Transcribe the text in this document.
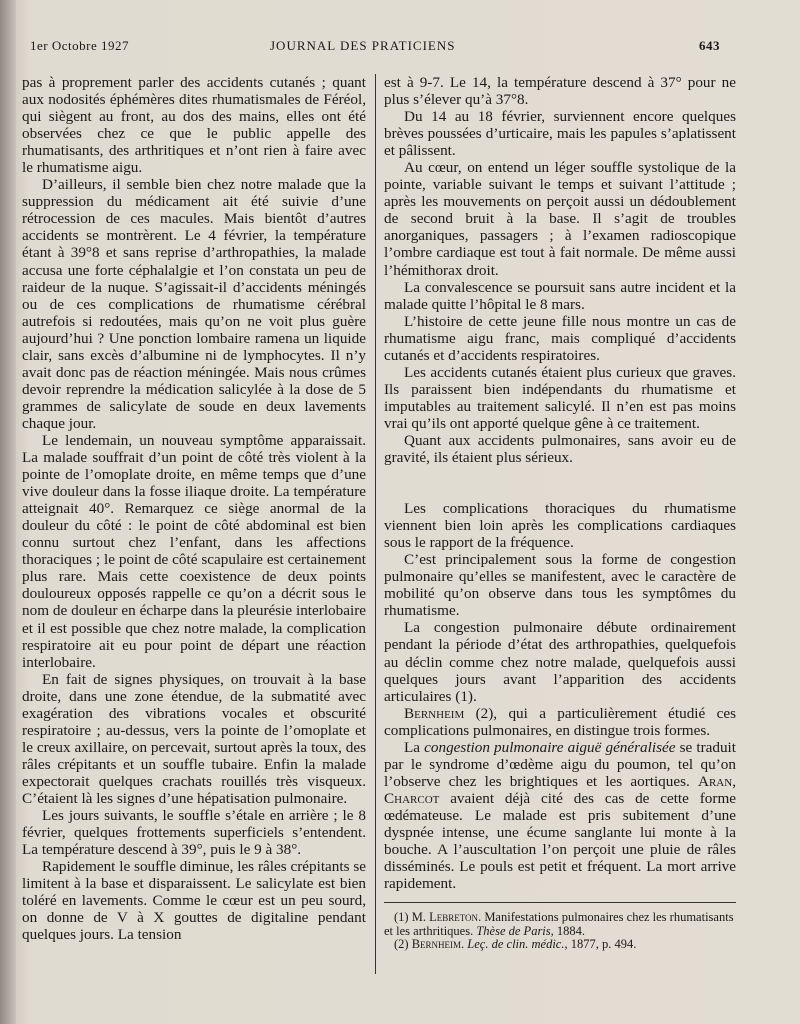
1er Octobre 1927	JOURNAL DES PRATICIENS	643

pas à proprement parler des accidents cutanés ; quant aux nodosités éphémères dites rhumatismales de Féréol, qui siègent au front, au dos des mains, elles ont été observées chez ce que le public appelle des rhumatisants, des arthritiques et n’ont rien à faire avec le rhumatisme aigu.

D’ailleurs, il semble bien chez notre malade que la suppression du médicament ait été suivie d’une rétrocession de ces macules. Mais bientôt d’autres accidents se montrèrent. Le 4 février, la température étant à 39°8 et sans reprise d’arthropathies, la malade accusa une forte céphalalgie et l’on constata un peu de raideur de la nuque. S’agissait-il d’accidents méningés ou de ces complications de rhumatisme cérébral autrefois si redoutées, mais qu’on ne voit plus guère aujourd’hui ? Une ponction lombaire ramena un liquide clair, sans excès d’albumine ni de lymphocytes. Il n’y avait donc pas de réaction méningée. Mais nous crûmes devoir reprendre la médication salicylée à la dose de 5 grammes de salicylate de soude en deux lavements chaque jour.

Le lendemain, un nouveau symptôme apparaissait. La malade souffrait d’un point de côté très violent à la pointe de l’omoplate droite, en même temps que d’une vive douleur dans la fosse iliaque droite. La température atteignait 40°. Remarquez ce siège anormal de la douleur du côté : le point de côté abdominal est bien connu surtout chez l’enfant, dans les affections thoraciques ; le point de côté scapulaire est certainement plus rare. Mais cette coexistence de deux points douloureux opposés rappelle ce qu’on a décrit sous le nom de douleur en écharpe dans la pleurésie interlobaire et il est possible que chez notre malade, la complication respiratoire ait eu pour point de départ une réaction interlobaire.

En fait de signes physiques, on trouvait à la base droite, dans une zone étendue, de la submatité avec exagération des vibrations vocales et obscurité respiratoire ; au-dessus, vers la pointe de l’omoplate et le creux axillaire, on percevait, surtout après la toux, des râles crépitants et un souffle tubaire. Enfin la malade expectorait quelques crachats rouillés très visqueux. C’étaient là les signes d’une hépatisation pulmonaire.

Les jours suivants, le souffle s’étale en arrière ; le 8 février, quelques frottements superficiels s’entendent. La température descend à 39°, puis le 9 à 38°.

Rapidement le souffle diminue, les râles crépitants se limitent à la base et disparaissent. Le salicylate est bien toléré en lavements. Comme le cœur est un peu sourd, on donne de V à X gouttes de digitaline pendant quelques jours. La tension

est à 9-7. Le 14, la température descend à 37° pour ne plus s’élever qu’à 37°8.

Du 14 au 18 février, surviennent encore quelques brèves poussées d’urticaire, mais les papules s’aplatissent et pâlissent.

Au cœur, on entend un léger souffle systolique de la pointe, variable suivant le temps et suivant l’attitude ; après les mouvements on perçoit aussi un dédoublement de second bruit à la base. Il s’agit de troubles anorganiques, passagers ; à l’examen radioscopique l’ombre cardiaque est tout à fait normale. De même aussi l’hémithorax droit.

La convalescence se poursuit sans autre incident et la malade quitte l’hôpital le 8 mars.

L’histoire de cette jeune fille nous montre un cas de rhumatisme aigu franc, mais compliqué d’accidents cutanés et d’accidents respiratoires.

Les accidents cutanés étaient plus curieux que graves. Ils paraissent bien indépendants du rhumatisme et imputables au traitement salicylé. Il n’en est pas moins vrai qu’ils ont apporté quelque gêne à ce traitement.

Quant aux accidents pulmonaires, sans avoir eu de gravité, ils étaient plus sérieux.

Les complications thoraciques du rhumatisme viennent bien loin après les complications cardiaques sous le rapport de la fréquence.

C’est principalement sous la forme de congestion pulmonaire qu’elles se manifestent, avec le caractère de mobilité qu’on observe dans tous les symptômes du rhumatisme.

La congestion pulmonaire débute ordinairement pendant la période d’état des arthropathies, quelquefois au déclin comme chez notre malade, quelquefois aussi quelques jours avant l’apparition des accidents articulaires (1).

Bernheim (2), qui a particulièrement étudié ces complications pulmonaires, en distingue trois formes.

La congestion pulmonaire aiguë généralisée se traduit par le syndrome d’œdème aigu du poumon, tel qu’on l’observe chez les brightiques et les aortiques. Aran, Charcot avaient déjà cité des cas de cette forme œdémateuse. Le malade est pris subitement d’une dyspnée intense, une écume sanglante lui monte à la bouche. A l’auscultation l’on perçoit une pluie de râles disséminés. Le pouls est petit et fréquent. La mort arrive rapidement.

(1) M. Lebreton. Manifestations pulmonaires chez les rhumatisants et les arthritiques. Thèse de Paris, 1884.

(2) Bernheim. Leç. de clin. médic., 1877, p. 494.
